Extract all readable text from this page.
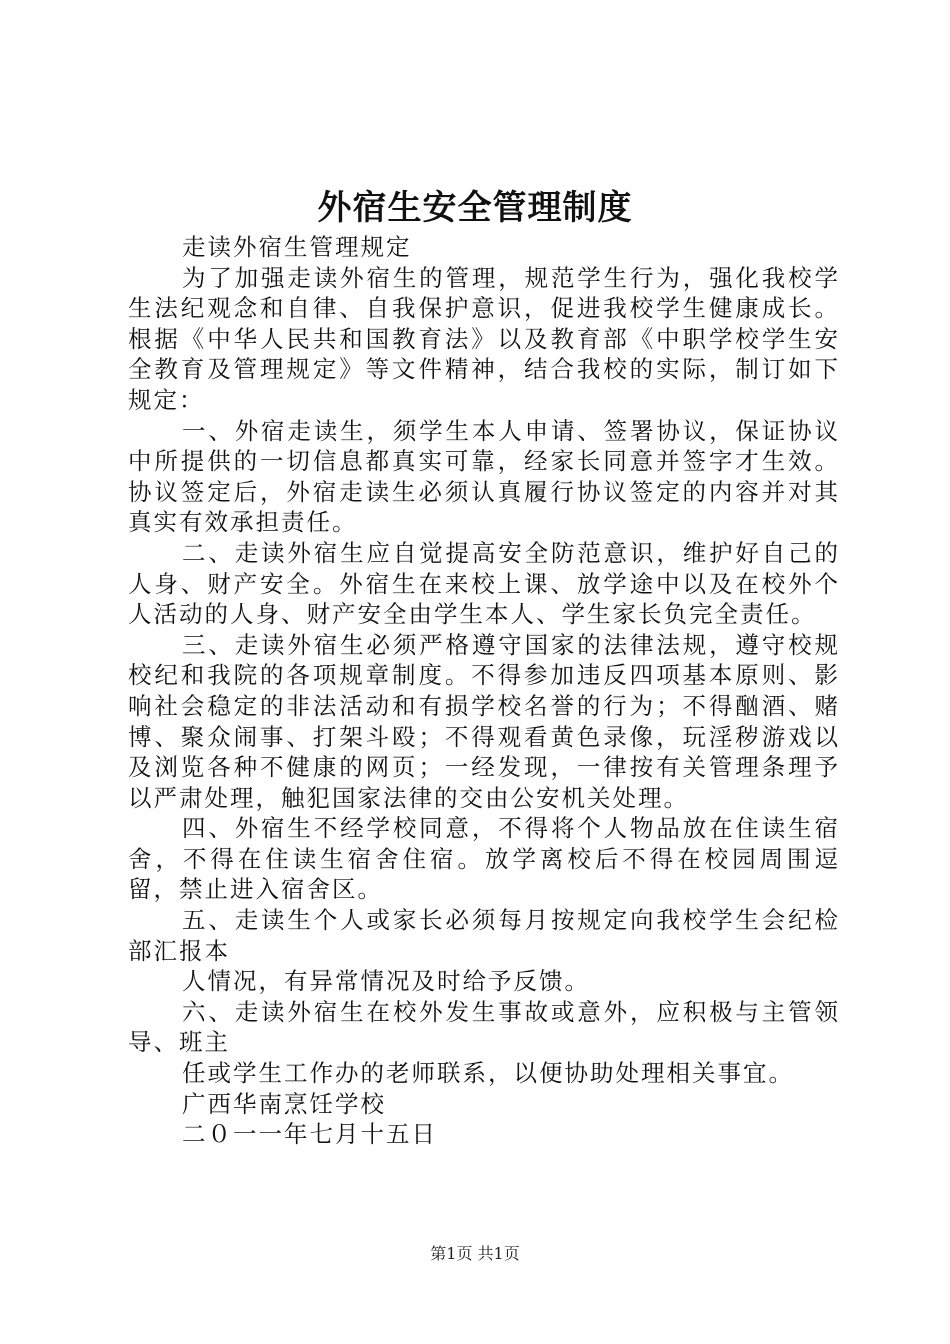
外宿生安全管理制度

走读外宿生管理规定

为了加强走读外宿生的管理，规范学生行为，强化我校学生法纪观念和自律、自我保护意识，促进我校学生健康成长。根据《中华人民共和国教育法》以及教育部《中职学校学生安全教育及管理规定》等文件精神，结合我校的实际，制订如下规定：

一、外宿走读生，须学生本人申请、签署协议，保证协议中所提供的一切信息都真实可靠，经家长同意并签字才生效。协议签定后，外宿走读生必须认真履行协议签定的内容并对其真实有效承担责任。

二、走读外宿生应自觉提高安全防范意识，维护好自己的人身、财产安全。外宿生在来校上课、放学途中以及在校外个人活动的人身、财产安全由学生本人、学生家长负完全责任。

三、走读外宿生必须严格遵守国家的法律法规，遵守校规校纪和我院的各项规章制度。不得参加违反四项基本原则、影响社会稳定的非法活动和有损学校名誉的行为；不得酗酒、赌博、聚众闹事、打架斗殴；不得观看黄色录像，玩淫秽游戏以及浏览各种不健康的网页；一经发现，一律按有关管理条理予以严肃处理，触犯国家法律的交由公安机关处理。

四、外宿生不经学校同意，不得将个人物品放在住读生宿舍，不得在住读生宿舍住宿。放学离校后不得在校园周围逗留，禁止进入宿舍区。

五、走读生个人或家长必须每月按规定向我校学生会纪检部汇报本

人情况，有异常情况及时给予反馈。

六、走读外宿生在校外发生事故或意外，应积极与主管领导、班主

任或学生工作办的老师联系，以便协助处理相关事宜。

广西华南烹饪学校

二０一一年七月十五日

第1页 共1页
